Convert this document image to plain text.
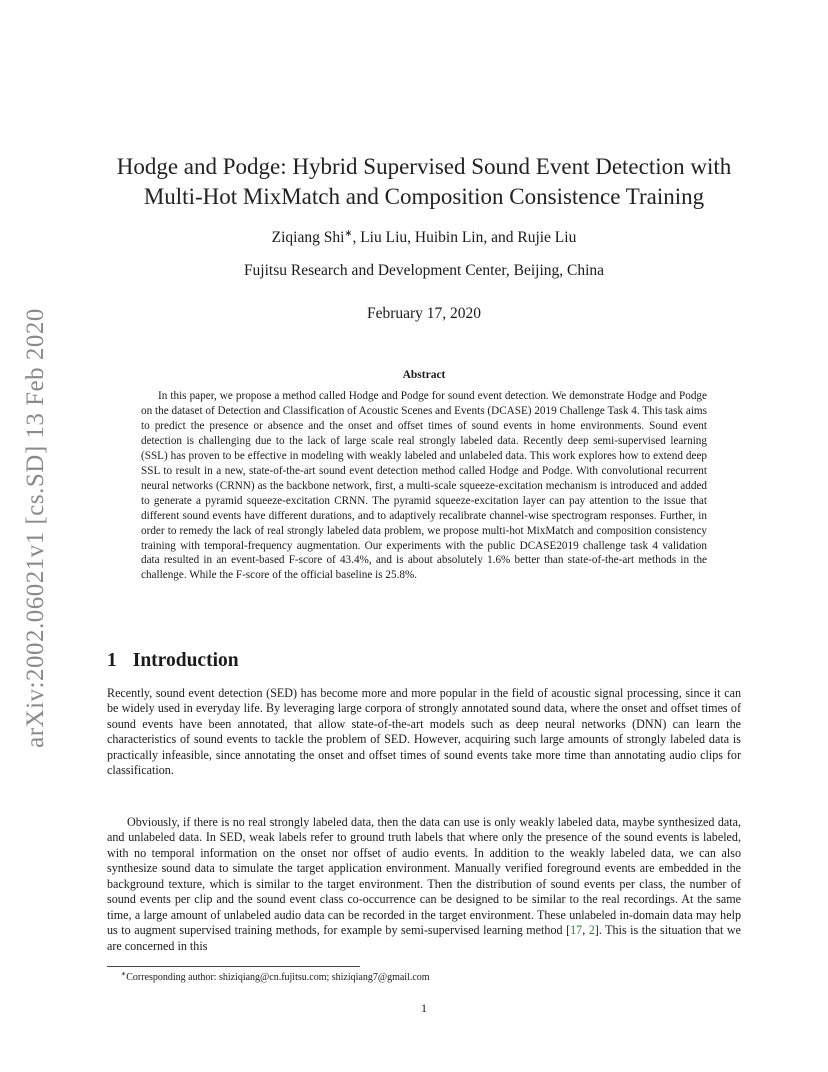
arXiv:2002.06021v1 [cs.SD] 13 Feb 2020
Hodge and Podge: Hybrid Supervised Sound Event Detection with
Multi-Hot MixMatch and Composition Consistence Training
Ziqiang Shi∗, Liu Liu, Huibin Lin, and Rujie Liu
Fujitsu Research and Development Center, Beijing, China
February 17, 2020
Abstract

In this paper, we propose a method called Hodge and Podge for sound event detection. We demonstrate Hodge and Podge on the dataset of Detection and Classification of Acoustic Scenes and Events (DCASE) 2019 Challenge Task 4. This task aims to predict the presence or absence and the onset and offset times of sound events in home environments. Sound event detection is challenging due to the lack of large scale real strongly labeled data. Recently deep semi-supervised learning (SSL) has proven to be effective in modeling with weakly labeled and unlabeled data. This work explores how to extend deep SSL to result in a new, state-of-the-art sound event detection method called Hodge and Podge. With convolutional recurrent neural networks (CRNN) as the backbone network, first, a multi-scale squeeze-excitation mechanism is introduced and added to generate a pyramid squeeze-excitation CRNN. The pyramid squeeze-excitation layer can pay attention to the issue that different sound events have different durations, and to adaptively recalibrate channel-wise spectrogram responses. Further, in order to remedy the lack of real strongly labeled data problem, we propose multi-hot MixMatch and composition consistency training with temporal-frequency augmentation. Our experiments with the public DCASE2019 challenge task 4 validation data resulted in an event-based F-score of 43.4%, and is about absolutely 1.6% better than state-of-the-art methods in the challenge. While the F-score of the official baseline is 25.8%.

1 Introduction

Recently, sound event detection (SED) has become more and more popular in the field of acoustic signal processing, since it can be widely used in everyday life. By leveraging large corpora of strongly annotated sound data, where the onset and offset times of sound events have been annotated, that allow state-of-the-art models such as deep neural networks (DNN) can learn the characteristics of sound events to tackle the problem of SED. However, acquiring such large amounts of strongly labeled data is practically infeasible, since annotating the onset and offset times of sound events take more time than annotating audio clips for classification.

Obviously, if there is no real strongly labeled data, then the data can use is only weakly labeled data, maybe synthesized data, and unlabeled data. In SED, weak labels refer to ground truth labels that where only the presence of the sound events is labeled, with no temporal information on the onset nor offset of audio events. In addition to the weakly labeled data, we can also synthesize sound data to simulate the target application environment. Manually verified foreground events are embedded in the background texture, which is similar to the target environment. Then the distribution of sound events per class, the number of sound events per clip and the sound event class co-occurrence can be designed to be similar to the real recordings. At the same time, a large amount of unlabeled audio data can be recorded in the target environment. These unlabeled in-domain data may help us to augment supervised training methods, for example by semi-supervised learning method [17, 2]. This is the situation that we are concerned in this

∗Corresponding author: shiziqiang@cn.fujitsu.com; shiziqiang7@gmail.com
1
